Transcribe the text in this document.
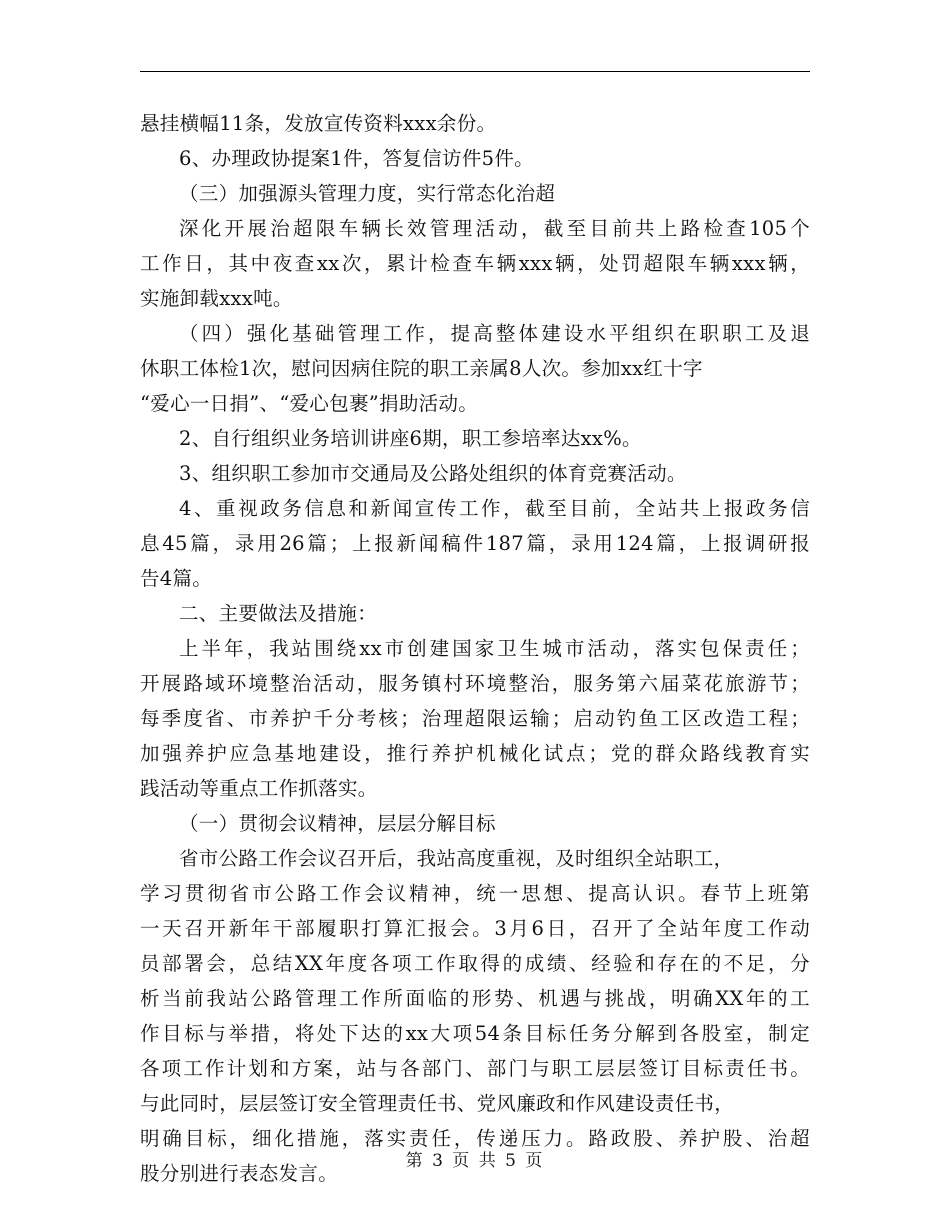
悬挂横幅11条，发放宣传资料xxx余份。
6、办理政协提案1件，答复信访件5件。
（三）加强源头管理力度，实行常态化治超
深化开展治超限车辆长效管理活动，截至目前共上路检查105个
工作日，其中夜查xx次，累计检查车辆xxx辆，处罚超限车辆xxx辆，
实施卸载xxx吨。
（四）强化基础管理工作，提高整体建设水平组织在职职工及退
休职工体检1次，慰问因病住院的职工亲属8人次。参加xx红十字
“爱心一日捐”、“爱心包裹”捐助活动。
2、自行组织业务培训讲座6期，职工参培率达xx%。
3、组织职工参加市交通局及公路处组织的体育竞赛活动。
4、重视政务信息和新闻宣传工作，截至目前，全站共上报政务信
息45篇，录用26篇；上报新闻稿件187篇，录用124篇，上报调研报
告4篇。
二、主要做法及措施：
上半年，我站围绕xx市创建国家卫生城市活动，落实包保责任；
开展路域环境整治活动，服务镇村环境整治，服务第六届菜花旅游节；
每季度省、市养护千分考核；治理超限运输；启动钓鱼工区改造工程；
加强养护应急基地建设，推行养护机械化试点；党的群众路线教育实
践活动等重点工作抓落实。
（一）贯彻会议精神，层层分解目标
省市公路工作会议召开后，我站高度重视，及时组织全站职工，
学习贯彻省市公路工作会议精神，统一思想、提高认识。春节上班第
一天召开新年干部履职打算汇报会。3月6日，召开了全站年度工作动
员部署会，总结XX年度各项工作取得的成绩、经验和存在的不足，分
析当前我站公路管理工作所面临的形势、机遇与挑战，明确XX年的工
作目标与举措，将处下达的xx大项54条目标任务分解到各股室，制定
各项工作计划和方案，站与各部门、部门与职工层层签订目标责任书。
与此同时，层层签订安全管理责任书、党风廉政和作风建设责任书，
明确目标，细化措施，落实责任，传递压力。路政股、养护股、治超
股分别进行表态发言。
第 3 页 共 5 页
